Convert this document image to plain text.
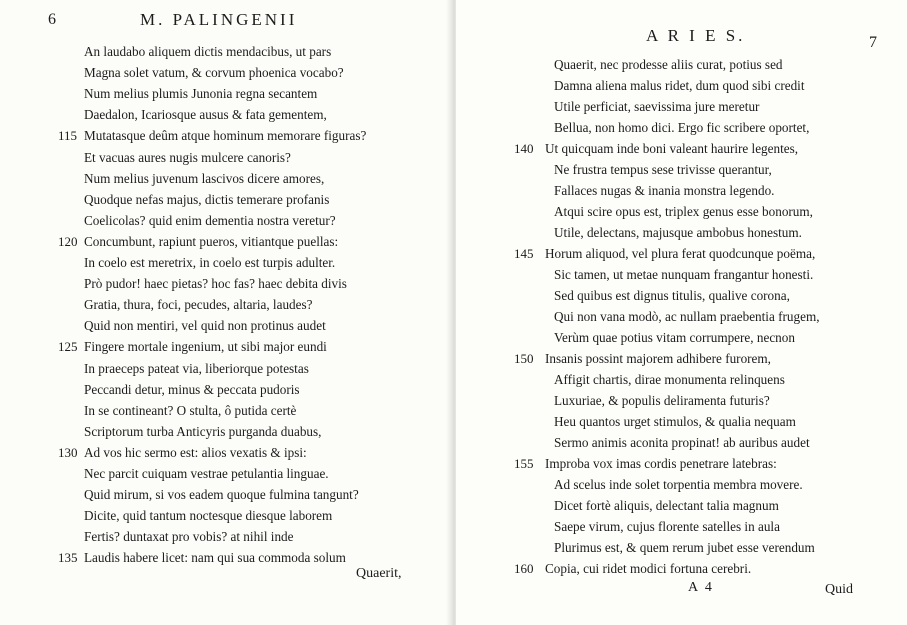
6	M. PALINGENII
An laudabo aliquem dictis mendacibus, ut pars
Magna solet vatum, & corvum phoenica vocabo?
Num melius plumis Junonia regna secantem
Daedalon, Icariosque ausus & fata gementem,
115 Mutatasque deûm atque hominum memorare figuras?
Et vacuas aures nugis mulcere canoris?
Num melius juvenum lascivos dicere amores,
Quodque nefas majus, dictis temerare profanis
Coelicolas? quid enim dementia nostra veretur?
120 Concumbunt, rapiunt pueros, vitiantque puellas:
In coelo est meretrix, in coelo est turpis adulter.
Prò pudor! haec pietas? hoc fas? haec debita divis
Gratia, thura, foci, pecudes, altaria, laudes?
Quid non mentiri, vel quid non protinus audet
125 Fingere mortale ingenium, ut sibi major eundi
In praeceps pateat via, liberiorque potestas
Peccandi detur, minus & peccata pudoris
In se contineant? O stulta, ô putida certè
Scriptorum turba Anticyris purganda duabus,
130 Ad vos hic sermo est: alios vexatis & ipsi:
Nec parcit cuiquam vestrae petulantia linguae.
Quid mirum, si vos eadem quoque fulmina tangunt?
Dicite, quid tantum noctesque diesque laborem
Fertis? duntaxat pro vobis? at nihil inde
135 Laudis habere licet: nam qui sua commoda solum
Quaerit,
A R I E S.	7
Quaerit, nec prodesse aliis curat, potius sed
Damna aliena malus ridet, dum quod sibi credit
Utile perficiat, saevissima jure meretur
Bellua, non homo dici. Ergo fic scribere oportet,
140 Ut quicquam inde boni valeant haurire legentes,
Ne frustra tempus sese trivisse querantur,
Fallaces nugas & inania monstra legendo.
Atqui scire opus est, triplex genus esse bonorum,
Utile, delectans, majusque ambobus honestum.
145 Horum aliquod, vel plura ferat quodcunque poëma,
Sic tamen, ut metae nunquam frangantur honesti.
Sed quibus est dignus titulis, qualive corona,
Qui non vana modò, ac nullam praebentia frugem,
Verùm quae potius vitam corrumpere, necnon
150 Insanis possint majorem adhibere furorem,
Affigit chartis, dirae monumenta relinquens
Luxuriae, & populis deliramenta futuris?
Heu quantos urget stimulos, & qualia nequam
Sermo animis aconita propinat! ab auribus audet
155 Improba vox imas cordis penetrare latebras:
Ad scelus inde solet torpentia membra movere.
Dicet fortè aliquis, delectant talia magnum
Saepe virum, cujus florente satelles in aula
Plurimus est, & quem rerum jubet esse verendum
160 Copia, cui ridet modici fortuna cerebri.
A 4	Quid
